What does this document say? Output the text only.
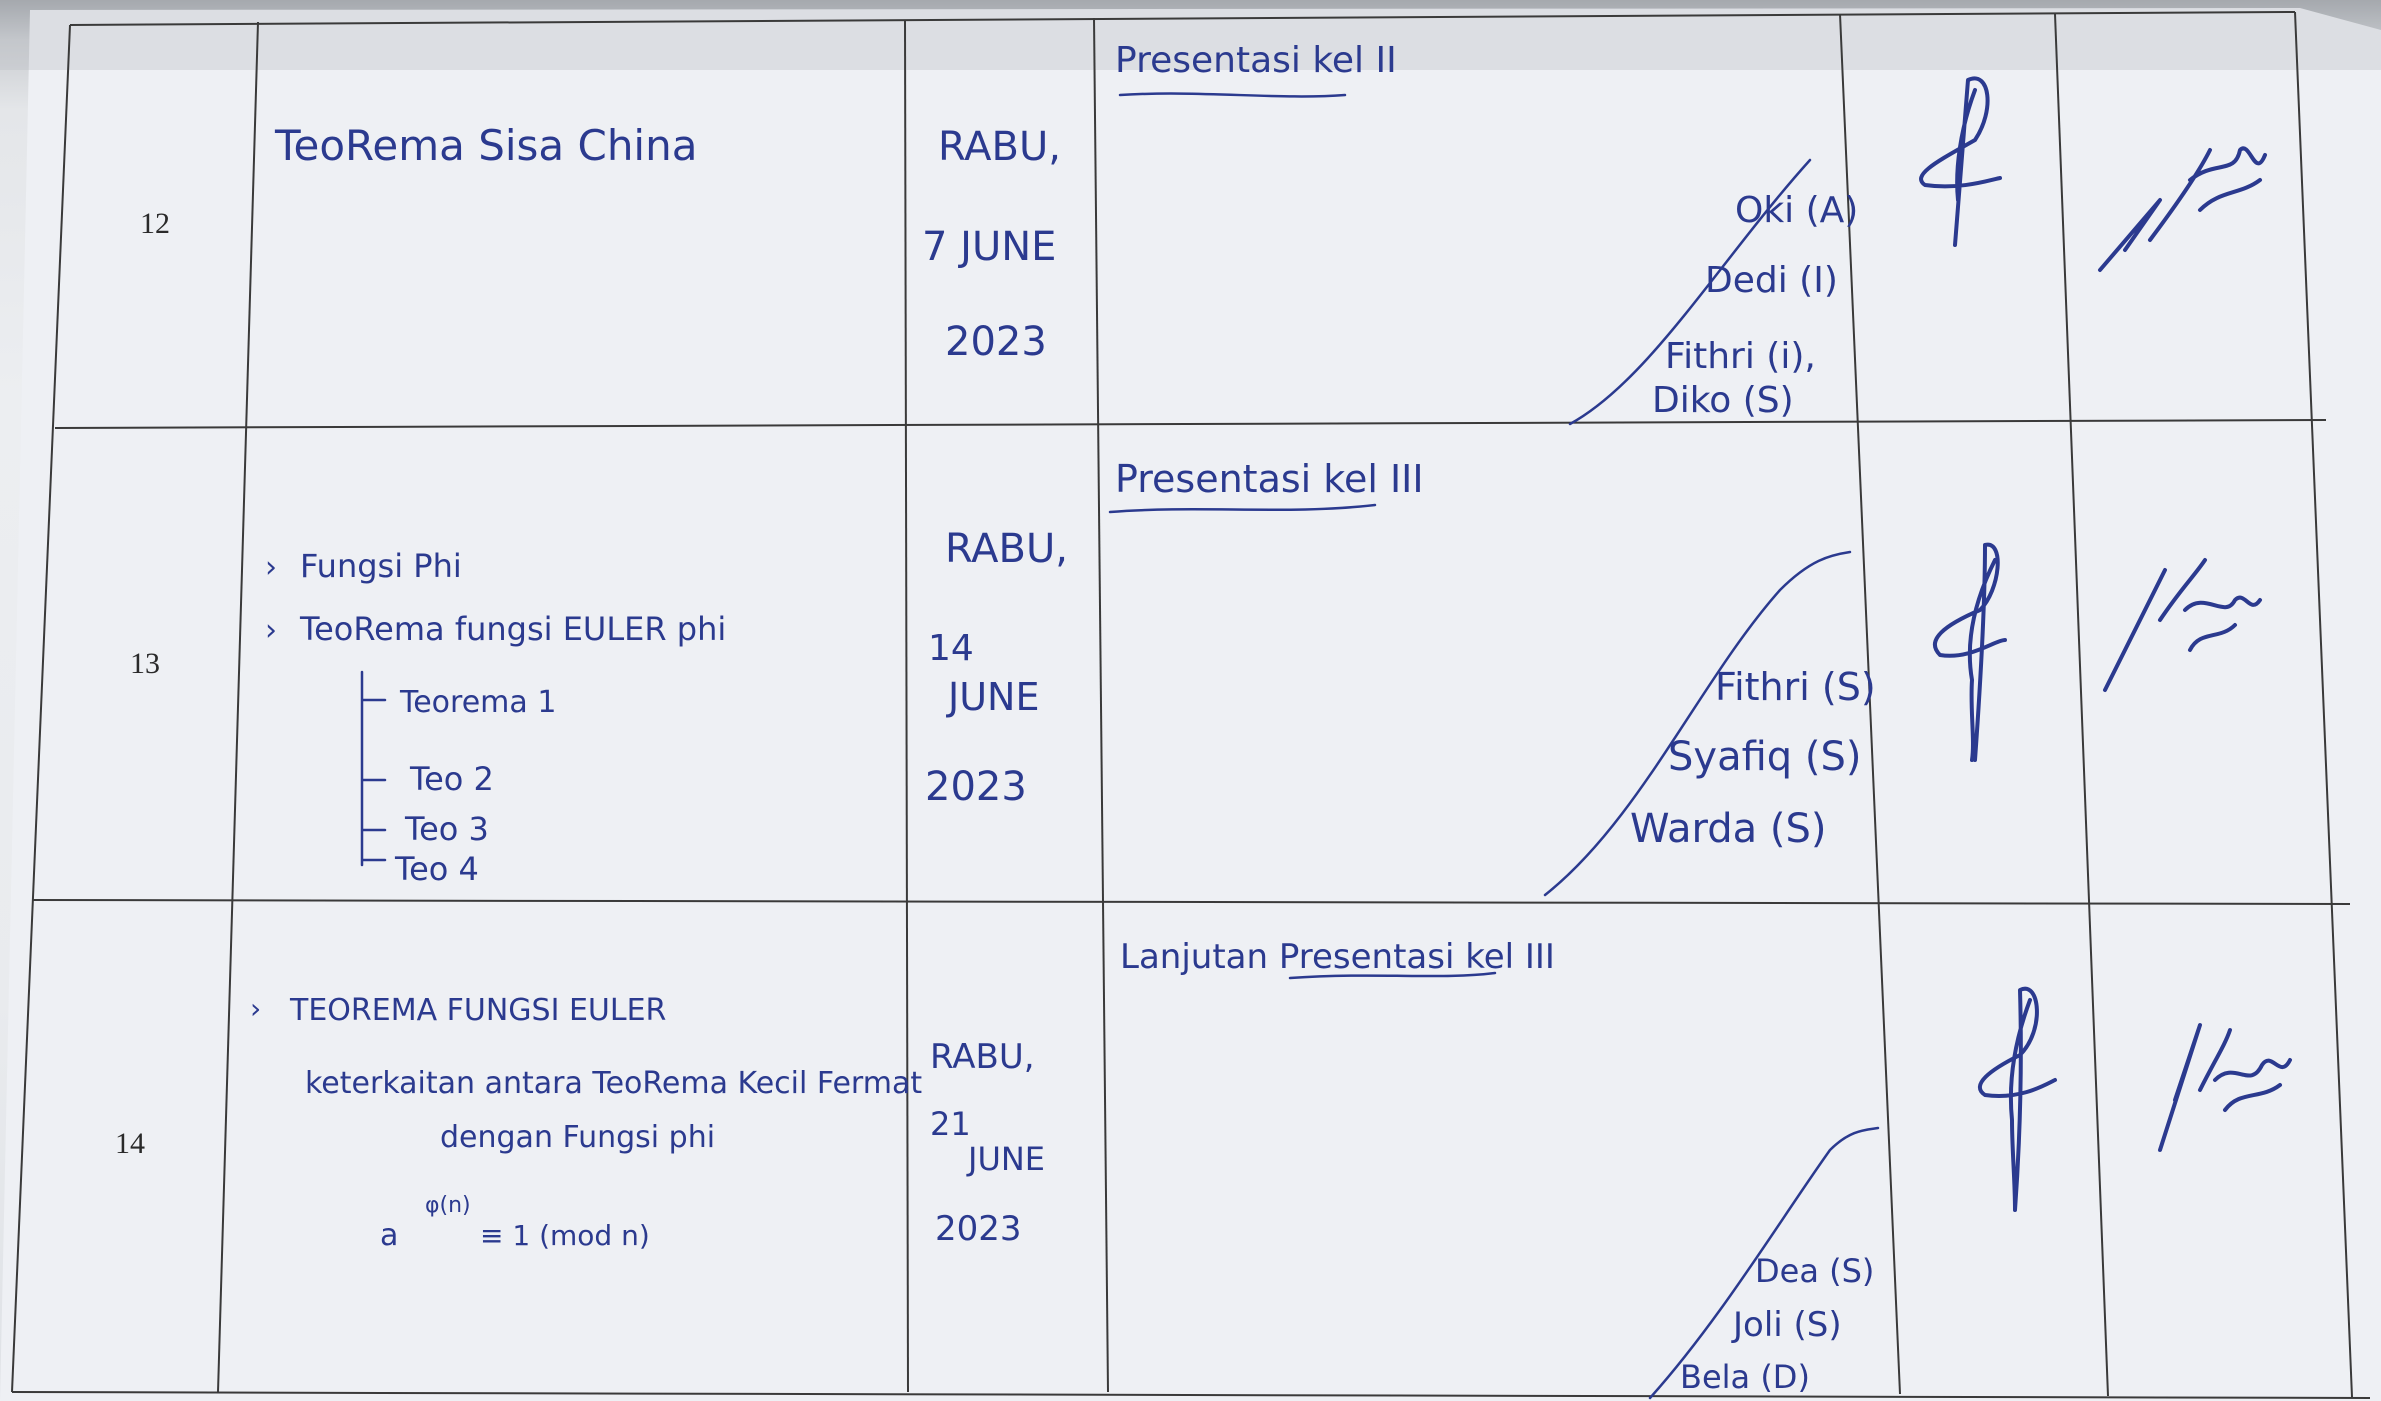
12
TeoRema Sisa China	RABU,
7 JUNE
2023
Presentasi kel II
Oki (A)
Dedi (I)
Fithri (i),
Diko (S)
13
› Fungsi Phi
› TeoRema fungsi EULER phi
Teorema 1
Teo 2
Teo 3
Teo 4
RABU,
14
JUNE
2023
Presentasi kel III
Fithri (S)
Syafiq (S)
Warda (S)
14
› TEOREMA FUNGSI EULER
keterkaitan antara TeoRema Kecil Fermat
dengan Fungsi phi
a
φ(n)
≡ 1 (mod n)
RABU,
21
JUNE
2023
Lanjutan Presentasi kel III
Dea (S)
Joli (S)
Bela (D)
